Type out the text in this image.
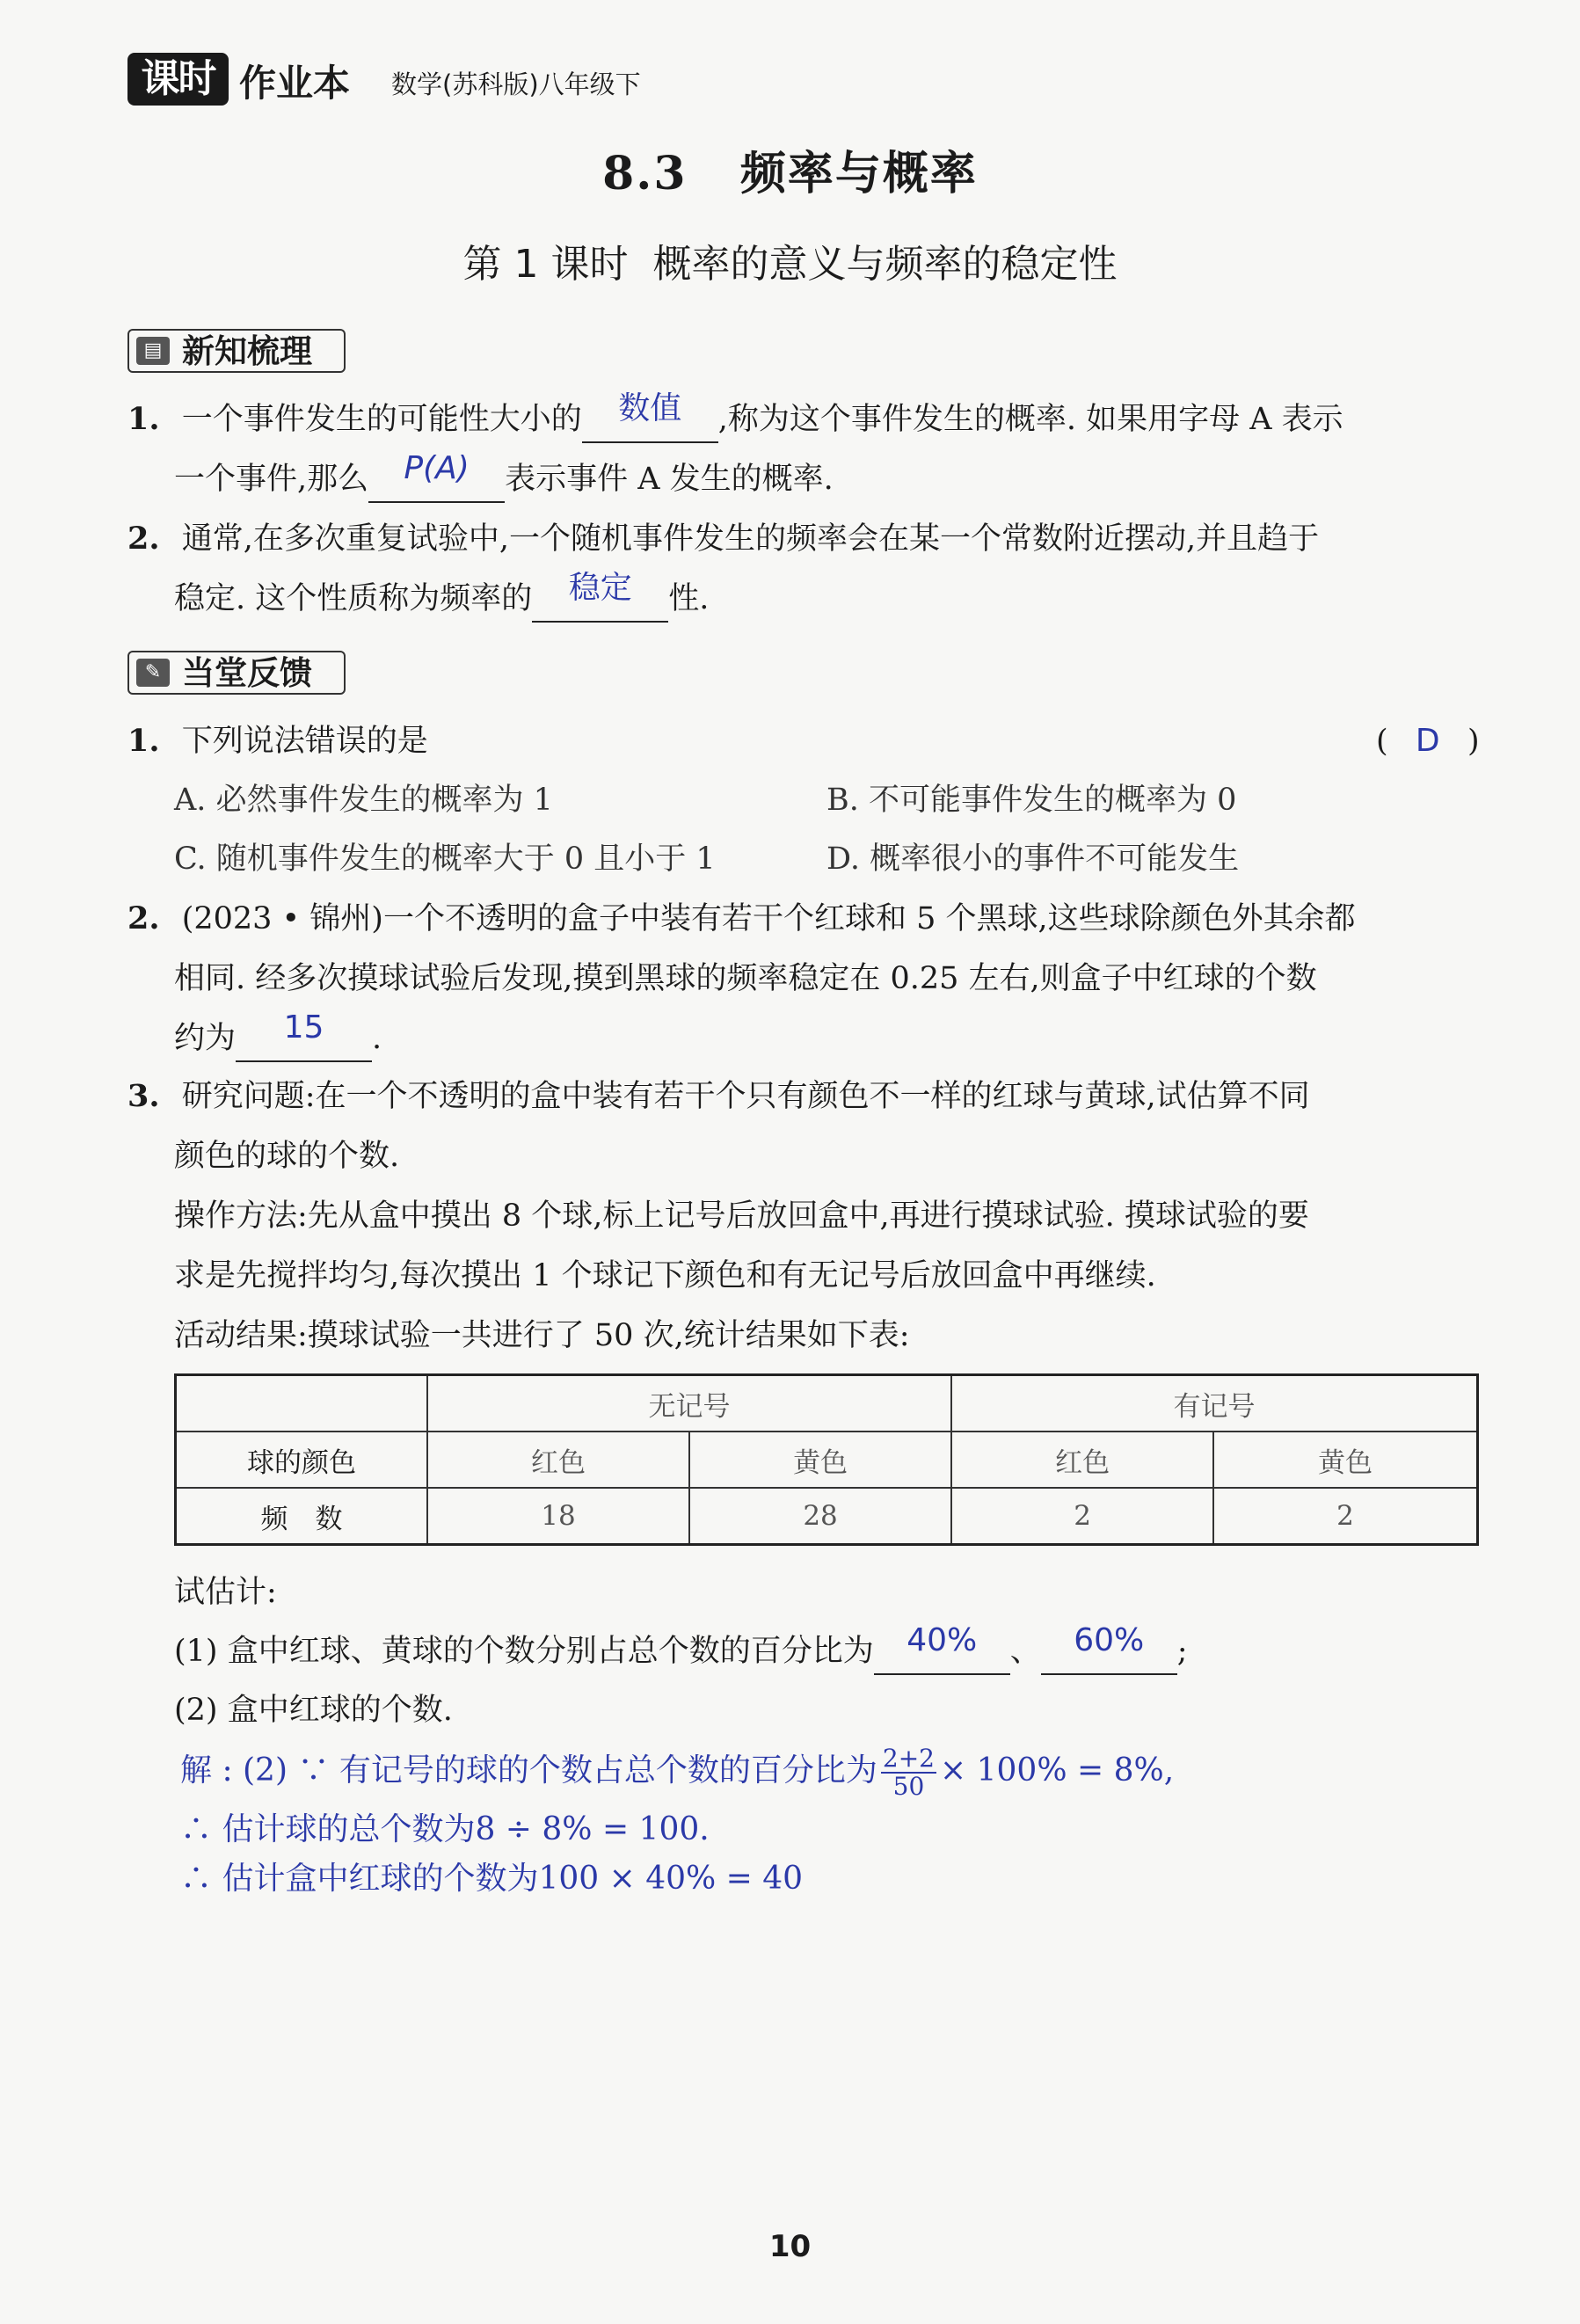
课时 作业本 数学(苏科版)八年级下
8.3   频率与概率
第 1 课时  概率的意义与频率的稳定性
▤ 新知梳理
1. 一个事件发生的可能性大小的 数值 ,称为这个事件发生的概率. 如果用字母 A 表示
一个事件,那么 P(A) 表示事件 A 发生的概率.
2. 通常,在多次重复试验中,一个随机事件发生的频率会在某一个常数附近摆动,并且趋于
稳定. 这个性质称为频率的 稳定 性.
✎ 当堂反馈
1. 下列说法错误的是	( D )
A. 必然事件发生的概率为 1	B. 不可能事件发生的概率为 0
C. 随机事件发生的概率大于 0 且小于 1	D. 概率很小的事件不可能发生
2. (2023 • 锦州)一个不透明的盒子中装有若干个红球和 5 个黑球,这些球除颜色外其余都
相同. 经多次摸球试验后发现,摸到黑球的频率稳定在 0.25 左右,则盒子中红球的个数
约为 15 .
3. 研究问题:在一个不透明的盒中装有若干个只有颜色不一样的红球与黄球,试估算不同
颜色的球的个数.
操作方法:先从盒中摸出 8 个球,标上记号后放回盒中,再进行摸球试验. 摸球试验的要
求是先搅拌均匀,每次摸出 1 个球记下颜色和有无记号后放回盒中再继续.
活动结果:摸球试验一共进行了 50 次,统计结果如下表:
	无记号		有记号	
球的颜色	红色	黄色	红色	黄色
频　数	18	28	2	2
试估计:
(1) 盒中红球、黄球的个数分别占总个数的百分比为 40% 、 60% ;
(2) 盒中红球的个数.
解 : (2) ∵ 有记号的球的个数占总个数的百分比为 $\frac{2+2}{50} \times 100\% = 8\%$,
∴ 估计球的总个数为8 ÷ 8% = 100.
∴ 估计盒中红球的个数为100 × 40% = 40
10
